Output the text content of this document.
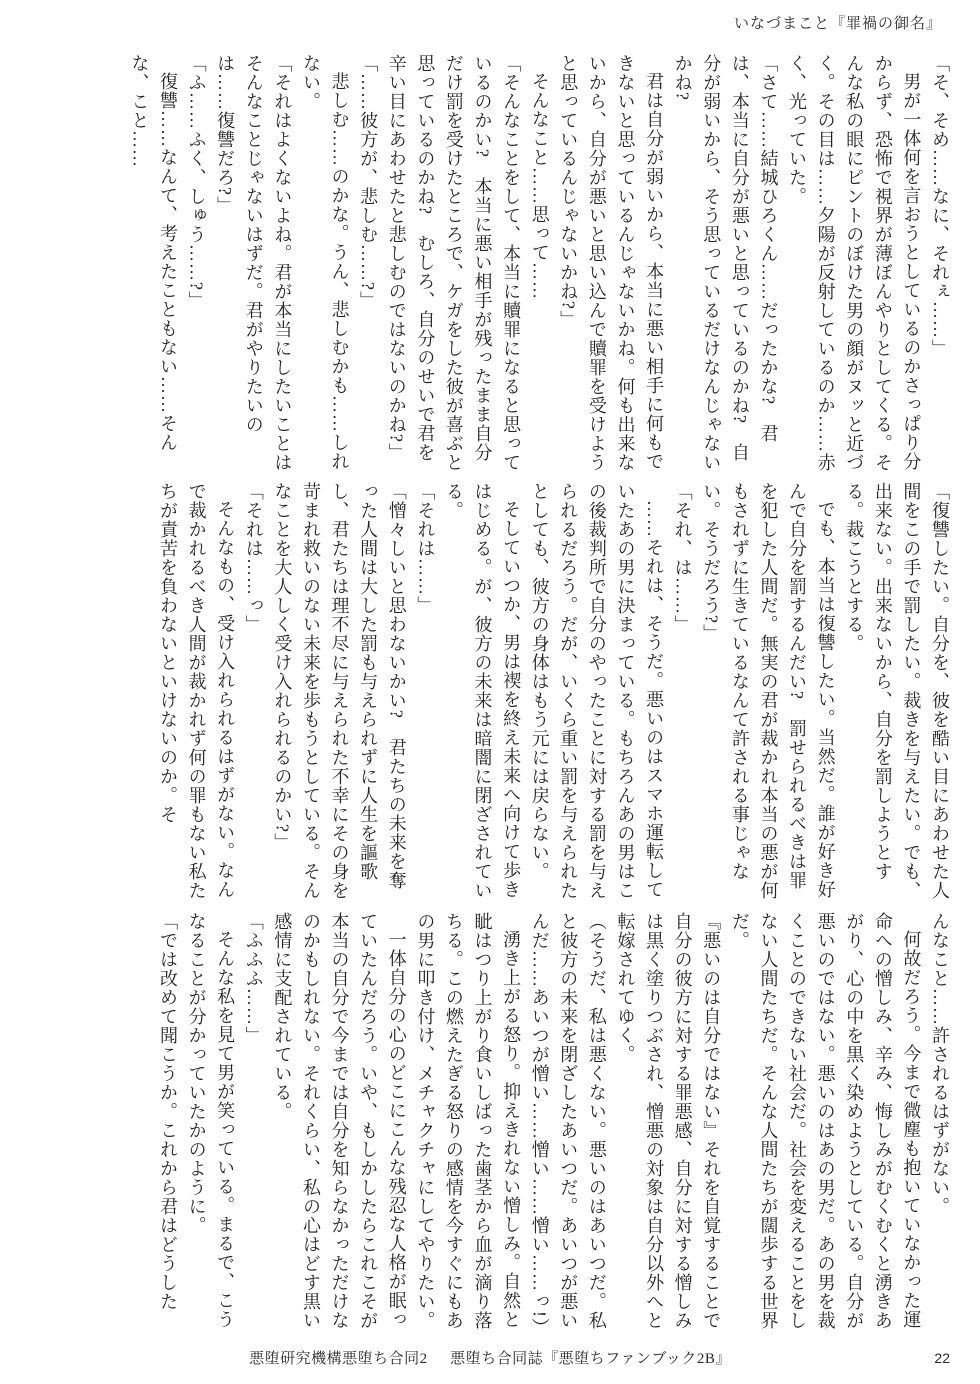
いなづまこと『罪禍の御名』

「そ、そめ……なに、それぇ……」

男が一体何を言おうとしているのかさっぱり分からず、恐怖で視界が薄ぼんやりとしてくる。そんな私の眼にピントのぼけた男の顔がヌッと近づく。その目は……夕陽が反射しているのか……赤く、光っていた。

「さて……結城ひろくん……だったかな?　君は、本当に自分が悪いと思っているのかね?　自分が弱いから、そう思っているだけなんじゃないかね?

君は自分が弱いから、本当に悪い相手に何もできないと思っているんじゃないかね。何も出来ないから、自分が悪いと思い込んで贖罪を受けようと思っているんじゃないかね?」

そんなこと……思って……

「そんなことをして、本当に贖罪になると思っているのかい?　本当に悪い相手が残ったまま自分だけ罰を受けたところで、ケガをした彼が喜ぶと思っているのかね?　むしろ、自分のせいで君を辛い目にあわせたと悲しむのではないのかね?」

「……彼方が、悲しむ……?」

悲しむ……のかな。うん、悲しむかも……しれない。

「それはよくないよね。君が本当にしたいことはそんなことじゃないはずだ。君がやりたいのは……復讐だろ?」

「ふ……ふく、しゅう……?」

復讐……なんて、考えたこともない……そんな、こと……

「復讐したい。自分を、彼を酷い目にあわせた人間をこの手で罰したい。裁きを与えたい。でも、出来ない。出来ないから、自分を罰しようとする。裁こうとする。

でも、本当は復讐したい。当然だ。誰が好き好んで自分を罰するんだい?　罰せられるべきは罪を犯した人間だ。無実の君が裁かれ本当の悪が何もされずに生きているなんて許される事じゃない。そうだろう?」

「それ、は……」

……それは、そうだ。悪いのはスマホ運転していたあの男に決まっている。もちろんあの男はこの後裁判所で自分のやったことに対する罰を与えられるだろう。だが、いくら重い罰を与えられたとしても、彼方の身体はもう元には戻らない。

そしていつか、男は禊を終え未来へ向けて歩きはじめる。が、彼方の未来は暗闇に閉ざされている。

「それは……」

「憎々しいと思わないかい?　君たちの未来を奪った人間は大した罰も与えられずに人生を謳歌し、君たちは理不尽に与えられた不幸にその身を苛まれ救いのない未来を歩もうとしている。そんなことを大人しく受け入れられるのかい?」

「それは……っ」

そんなもの、受け入れられるはずがない。なんで裁かれるべき人間が裁かれず何の罪もない私たちが責苦を負わないといけないのか。そ

んなこと……許されるはずがない。

何故だろう。今まで微塵も抱いていなかった運命への憎しみ、辛み、悔しみがむくむくと湧きあがり、心の中を黒く染めようとしている。自分が悪いのではない。悪いのはあの男だ。あの男を裁くことのできない社会だ。社会を変えることをしない人間たちだ。そんな人間たちが闊歩する世界だ。

『悪いのは自分ではない』それを自覚することで自分の彼方に対する罪悪感、自分に対する憎しみは黒く塗りつぶされ、憎悪の対象は自分以外へと転嫁されてゆく。

（そうだ、私は悪くない。悪いのはあいつだ。私と彼方の未来を閉ざしたあいつだ。あいつが悪いんだ……あいつが憎い……憎い……憎い……っ!）

湧き上がる怒り。抑えきれない憎しみ。自然と眦はつり上がり食いしばった歯茎から血が滴り落ちる。この燃えたぎる怒りの感情を今すぐにもあの男に叩き付け、メチャクチャにしてやりたい。

一体自分の心のどこにこんな残忍な人格が眠っていたんだろう。いや、もしかしたらこれこそが本当の自分で今までは自分を知らなかっただけなのかもしれない。それくらい、私の心はどす黒い感情に支配されている。

「ふふふ……」

そんな私を見て男が笑っている。まるで、こうなることが分かっていたかのように。

「では改めて聞こうか。これから君はどうした

悪堕研究機構悪堕ち合同2 悪堕ち合同誌『悪堕ちファンブック2B』	22
